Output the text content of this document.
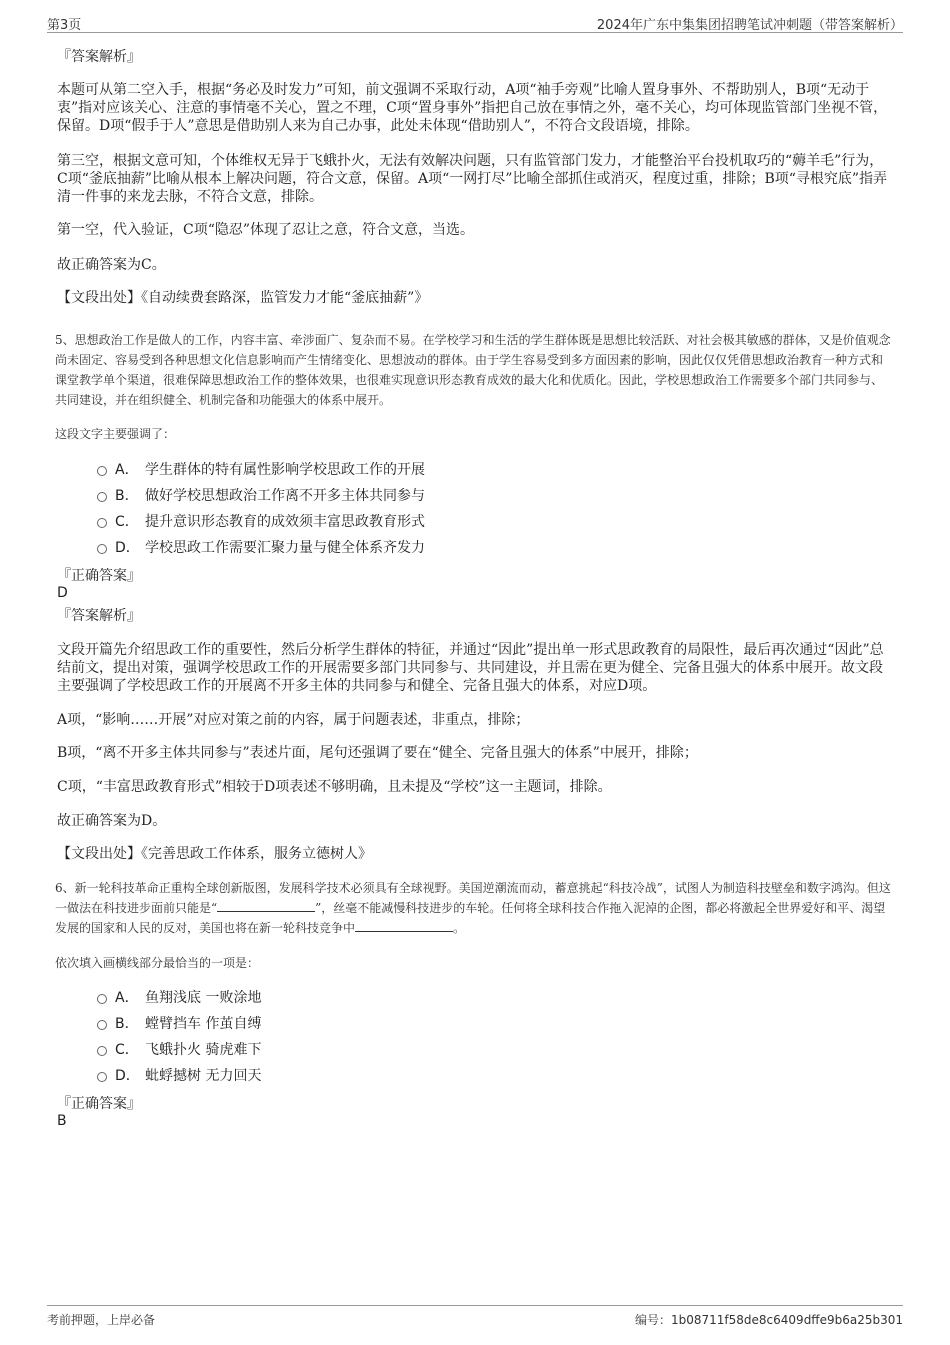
第3页	2024年广东中集集团招聘笔试冲刺题（带答案解析）

『答案解析』

本题可从第二空入手，根据“务必及时发力”可知，前文强调不采取行动，A项“袖手旁观”比喻人置身事外、不帮助别人，B项“无动于衷”指对应该关心、注意的事情毫不关心，置之不理，C项“置身事外”指把自己放在事情之外，毫不关心，均可体现监管部门坐视不管，保留。D项“假手于人”意思是借助别人来为自己办事，此处未体现“借助别人”，不符合文段语境，排除。

第三空，根据文意可知，个体维权无异于飞蛾扑火，无法有效解决问题，只有监管部门发力，才能整治平台投机取巧的“薅羊毛”行为，C项“釜底抽薪”比喻从根本上解决问题，符合文意，保留。A项“一网打尽”比喻全部抓住或消灭，程度过重，排除；B项“寻根究底”指弄清一件事的来龙去脉，不符合文意，排除。

第一空，代入验证，C项“隐忍”体现了忍让之意，符合文意，当选。

故正确答案为C。

【文段出处】《自动续费套路深，监管发力才能“釜底抽薪”》

5、思想政治工作是做人的工作，内容丰富、牵涉面广、复杂而不易。在学校学习和生活的学生群体既是思想比较活跃、对社会极其敏感的群体，又是价值观念尚未固定、容易受到各种思想文化信息影响而产生情绪变化、思想波动的群体。由于学生容易受到多方面因素的影响，因此仅仅凭借思想政治教育一种方式和课堂教学单个渠道，很难保障思想政治工作的整体效果，也很难实现意识形态教育成效的最大化和优质化。因此，学校思想政治工作需要多个部门共同参与、共同建设，并在组织健全、机制完备和功能强大的体系中展开。

这段文字主要强调了：

A． 学生群体的特有属性影响学校思政工作的开展
B． 做好学校思想政治工作离不开多主体共同参与
C． 提升意识形态教育的成效须丰富思政教育形式
D． 学校思政工作需要汇聚力量与健全体系齐发力

『正确答案』

D

『答案解析』

文段开篇先介绍思政工作的重要性，然后分析学生群体的特征，并通过“因此”提出单一形式思政教育的局限性，最后再次通过“因此”总结前文，提出对策，强调学校思政工作的开展需要多部门共同参与、共同建设，并且需在更为健全、完备且强大的体系中展开。故文段主要强调了学校思政工作的开展离不开多主体的共同参与和健全、完备且强大的体系，对应D项。

A项，“影响……开展”对应对策之前的内容，属于问题表述，非重点，排除；

B项，“离不开多主体共同参与”表述片面，尾句还强调了要在“健全、完备且强大的体系”中展开，排除；

C项，“丰富思政教育形式”相较于D项表述不够明确，且未提及“学校”这一主题词，排除。

故正确答案为D。

【文段出处】《完善思政工作体系，服务立德树人》

6、新一轮科技革命正重构全球创新版图，发展科学技术必须具有全球视野。美国逆潮流而动，蓄意挑起“科技冷战”，试图人为制造科技壁垒和数字鸿沟。但这一做法在科技进步面前只能是“	”，丝毫不能减慢科技进步的车轮。任何将全球科技合作拖入泥淖的企图，都必将激起全世界爱好和平、渴望发展的国家和人民的反对，美国也将在新一轮科技竞争中	。

依次填入画横线部分最恰当的一项是：

A． 鱼翔浅底 一败涂地
B． 螳臂挡车 作茧自缚
C． 飞蛾扑火 骑虎难下
D． 蚍蜉撼树 无力回天

『正确答案』

B

考前押题，上岸必备	编号：1b08711f58de8c6409dffe9b6a25b301
